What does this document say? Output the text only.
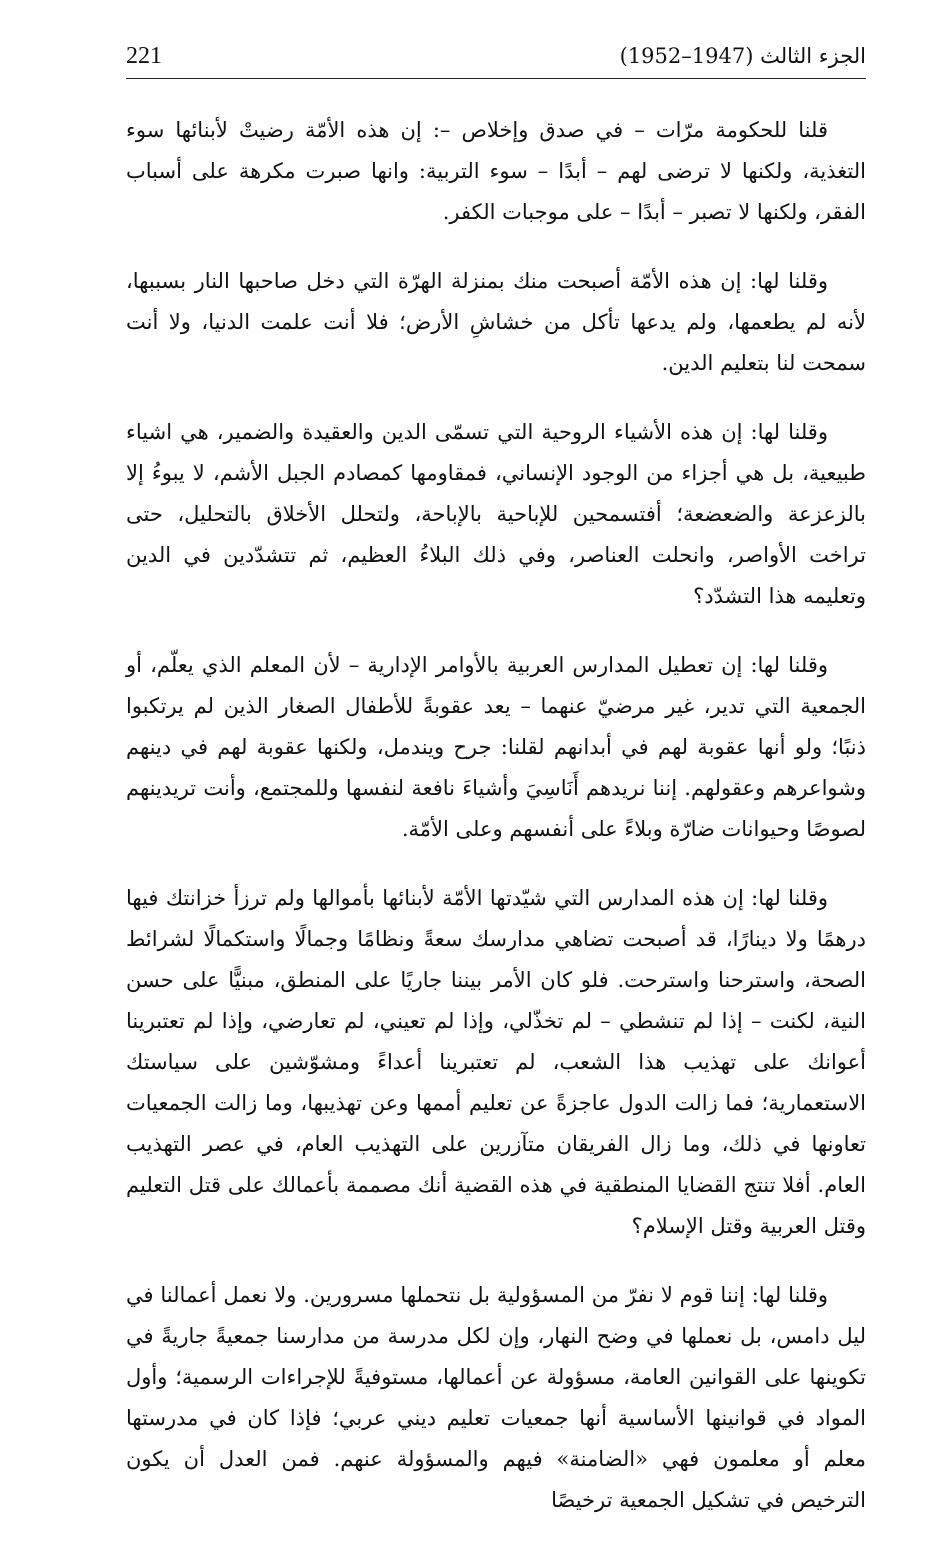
221	الجزء الثالث (1947–1952)

قلنا للحكومة مرّات – في صدق وإخلاص –: إن هذه الأمّة رضيتْ لأبنائها سوء التغذية، ولكنها لا ترضى لهم – أبدًا – سوء التربية: وانها صبرت مكرهة على أسباب الفقر، ولكنها لا تصبر – أبدًا – على موجبات الكفر.

وقلنا لها: إن هذه الأمّة أصبحت منك بمنزلة الهرّة التي دخل صاحبها النار بسببها، لأنه لم يطعمها، ولم يدعها تأكل من خشاشِ الأرض؛ فلا أنت علمت الدنيا، ولا أنت سمحت لنا بتعليم الدين.

وقلنا لها: إن هذه الأشياء الروحية التي تسمّى الدين والعقيدة والضمير، هي اشياء طبيعية، بل هي أجزاء من الوجود الإنساني، فمقاومها كمصادم الجبل الأشم، لا يبوءُ إلا بالزعزعة والضعضعة؛ أفتسمحين للإباحية بالإباحة، ولتحلل الأخلاق بالتحليل، حتى تراخت الأواصر، وانحلت العناصر، وفي ذلك البلاءُ العظيم، ثم تتشدّدين في الدين وتعليمه هذا التشدّد؟

وقلنا لها: إن تعطيل المدارس العربية بالأوامر الإدارية – لأن المعلم الذي يعلّم، أو الجمعية التي تدير، غير مرضيّ عنهما – يعد عقوبةً للأطفال الصغار الذين لم يرتكبوا ذنبًا؛ ولو أنها عقوبة لهم في أبدانهم لقلنا: جرح ويندمل، ولكنها عقوبة لهم في دينهم وشواعرهم وعقولهم. إننا نريدهم أَنَاسِيَ وأشياءَ نافعة لنفسها وللمجتمع، وأنت تريدينهم لصوصًا وحيوانات ضارّة وبلاءً على أنفسهم وعلى الأمّة.

وقلنا لها: إن هذه المدارس التي شيّدتها الأمّة لأبنائها بأموالها ولم ترزأ خزانتك فيها درهمًا ولا دينارًا، قد أصبحت تضاهي مدارسك سعةً ونظامًا وجمالًا واستكمالًا لشرائط الصحة، واسترحنا واسترحت. فلو كان الأمر بيننا جاريًا على المنطق، مبنيًّا على حسن النية، لكنت – إذا لم تنشطي – لم تخذّلي، وإذا لم تعيني، لم تعارضي، وإذا لم تعتبرينا أعوانك على تهذيب هذا الشعب، لم تعتبرينا أعداءً ومشوّشين على سياستك الاستعمارية؛ فما زالت الدول عاجزةً عن تعليم أممها وعن تهذيبها، وما زالت الجمعيات تعاونها في ذلك، وما زال الفريقان متآزرين على التهذيب العام، في عصر التهذيب العام. أفلا تنتج القضايا المنطقية في هذه القضية أنك مصممة بأعمالك على قتل التعليم وقتل العربية وقتل الإسلام؟

وقلنا لها: إننا قوم لا نفرّ من المسؤولية بل نتحملها مسرورين. ولا نعمل أعمالنا في ليل دامس، بل نعملها في وضح النهار، وإن لكل مدرسة من مدارسنا جمعيةً جاريةً في تكوينها على القوانين العامة، مسؤولة عن أعمالها، مستوفيةً للإجراءات الرسمية؛ وأول المواد في قوانينها الأساسية أنها جمعيات تعليم ديني عربي؛ فإذا كان في مدرستها معلم أو معلمون فهي «الضامنة» فيهم والمسؤولة عنهم. فمن العدل أن يكون الترخيص في تشكيل الجمعية ترخيصًا
